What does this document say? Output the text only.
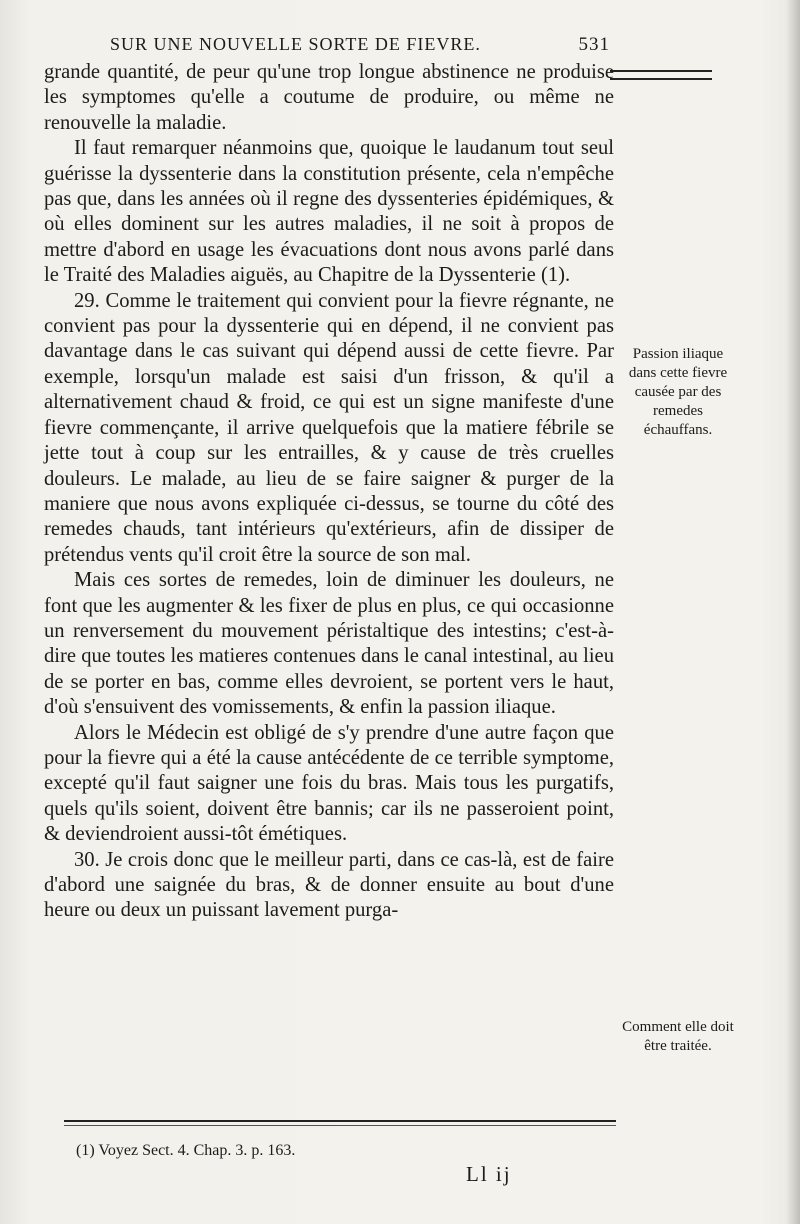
SUR UNE NOUVELLE SORTE DE FIEVRE.	531

grande quantité, de peur qu'une trop longue abstinence ne produise les symptomes qu'elle a coutume de produire, ou même ne renouvelle la maladie.

Il faut remarquer néanmoins que, quoique le laudanum tout seul guérisse la dyssenterie dans la constitution présente, cela n'empêche pas que, dans les années où il regne des dyssenteries épidémiques, & où elles dominent sur les autres maladies, il ne soit à propos de mettre d'abord en usage les évacuations dont nous avons parlé dans le Traité des Maladies aiguës, au Chapitre de la Dyssenterie (1).

29. Comme le traitement qui convient pour la fievre régnante, ne convient pas pour la dyssenterie qui en dépend, il ne convient pas davantage dans le cas suivant qui dépend aussi de cette fievre. Par exemple, lorsqu'un malade est saisi d'un frisson, & qu'il a alternativement chaud & froid, ce qui est un signe manifeste d'une fievre commençante, il arrive quelquefois que la matiere fébrile se jette tout à coup sur les entrailles, & y cause de très cruelles douleurs. Le malade, au lieu de se faire saigner & purger de la maniere que nous avons expliquée ci-dessus, se tourne du côté des remedes chauds, tant intérieurs qu'extérieurs, afin de dissiper de prétendus vents qu'il croit être la source de son mal.

Mais ces sortes de remedes, loin de diminuer les douleurs, ne font que les augmenter & les fixer de plus en plus, ce qui occasionne un renversement du mouvement péristaltique des intestins; c'est-à-dire que toutes les matieres contenues dans le canal intestinal, au lieu de se porter en bas, comme elles devroient, se portent vers le haut, d'où s'ensuivent des vomissements, & enfin la passion iliaque.

Alors le Médecin est obligé de s'y prendre d'une autre façon que pour la fievre qui a été la cause antécédente de ce terrible symptome, excepté qu'il faut saigner une fois du bras. Mais tous les purgatifs, quels qu'ils soient, doivent être bannis; car ils ne passeroient point, & deviendroient aussi-tôt émétiques.

30. Je crois donc que le meilleur parti, dans ce cas-là, est de faire d'abord une saignée du bras, & de donner ensuite au bout d'une heure ou deux un puissant lavement purga-

Passion iliaque dans cette fievre causée par des remedes échauffans.
Comment elle doit être traitée.
(1) Voyez Sect. 4. Chap. 3. p. 163.
Ll ij
